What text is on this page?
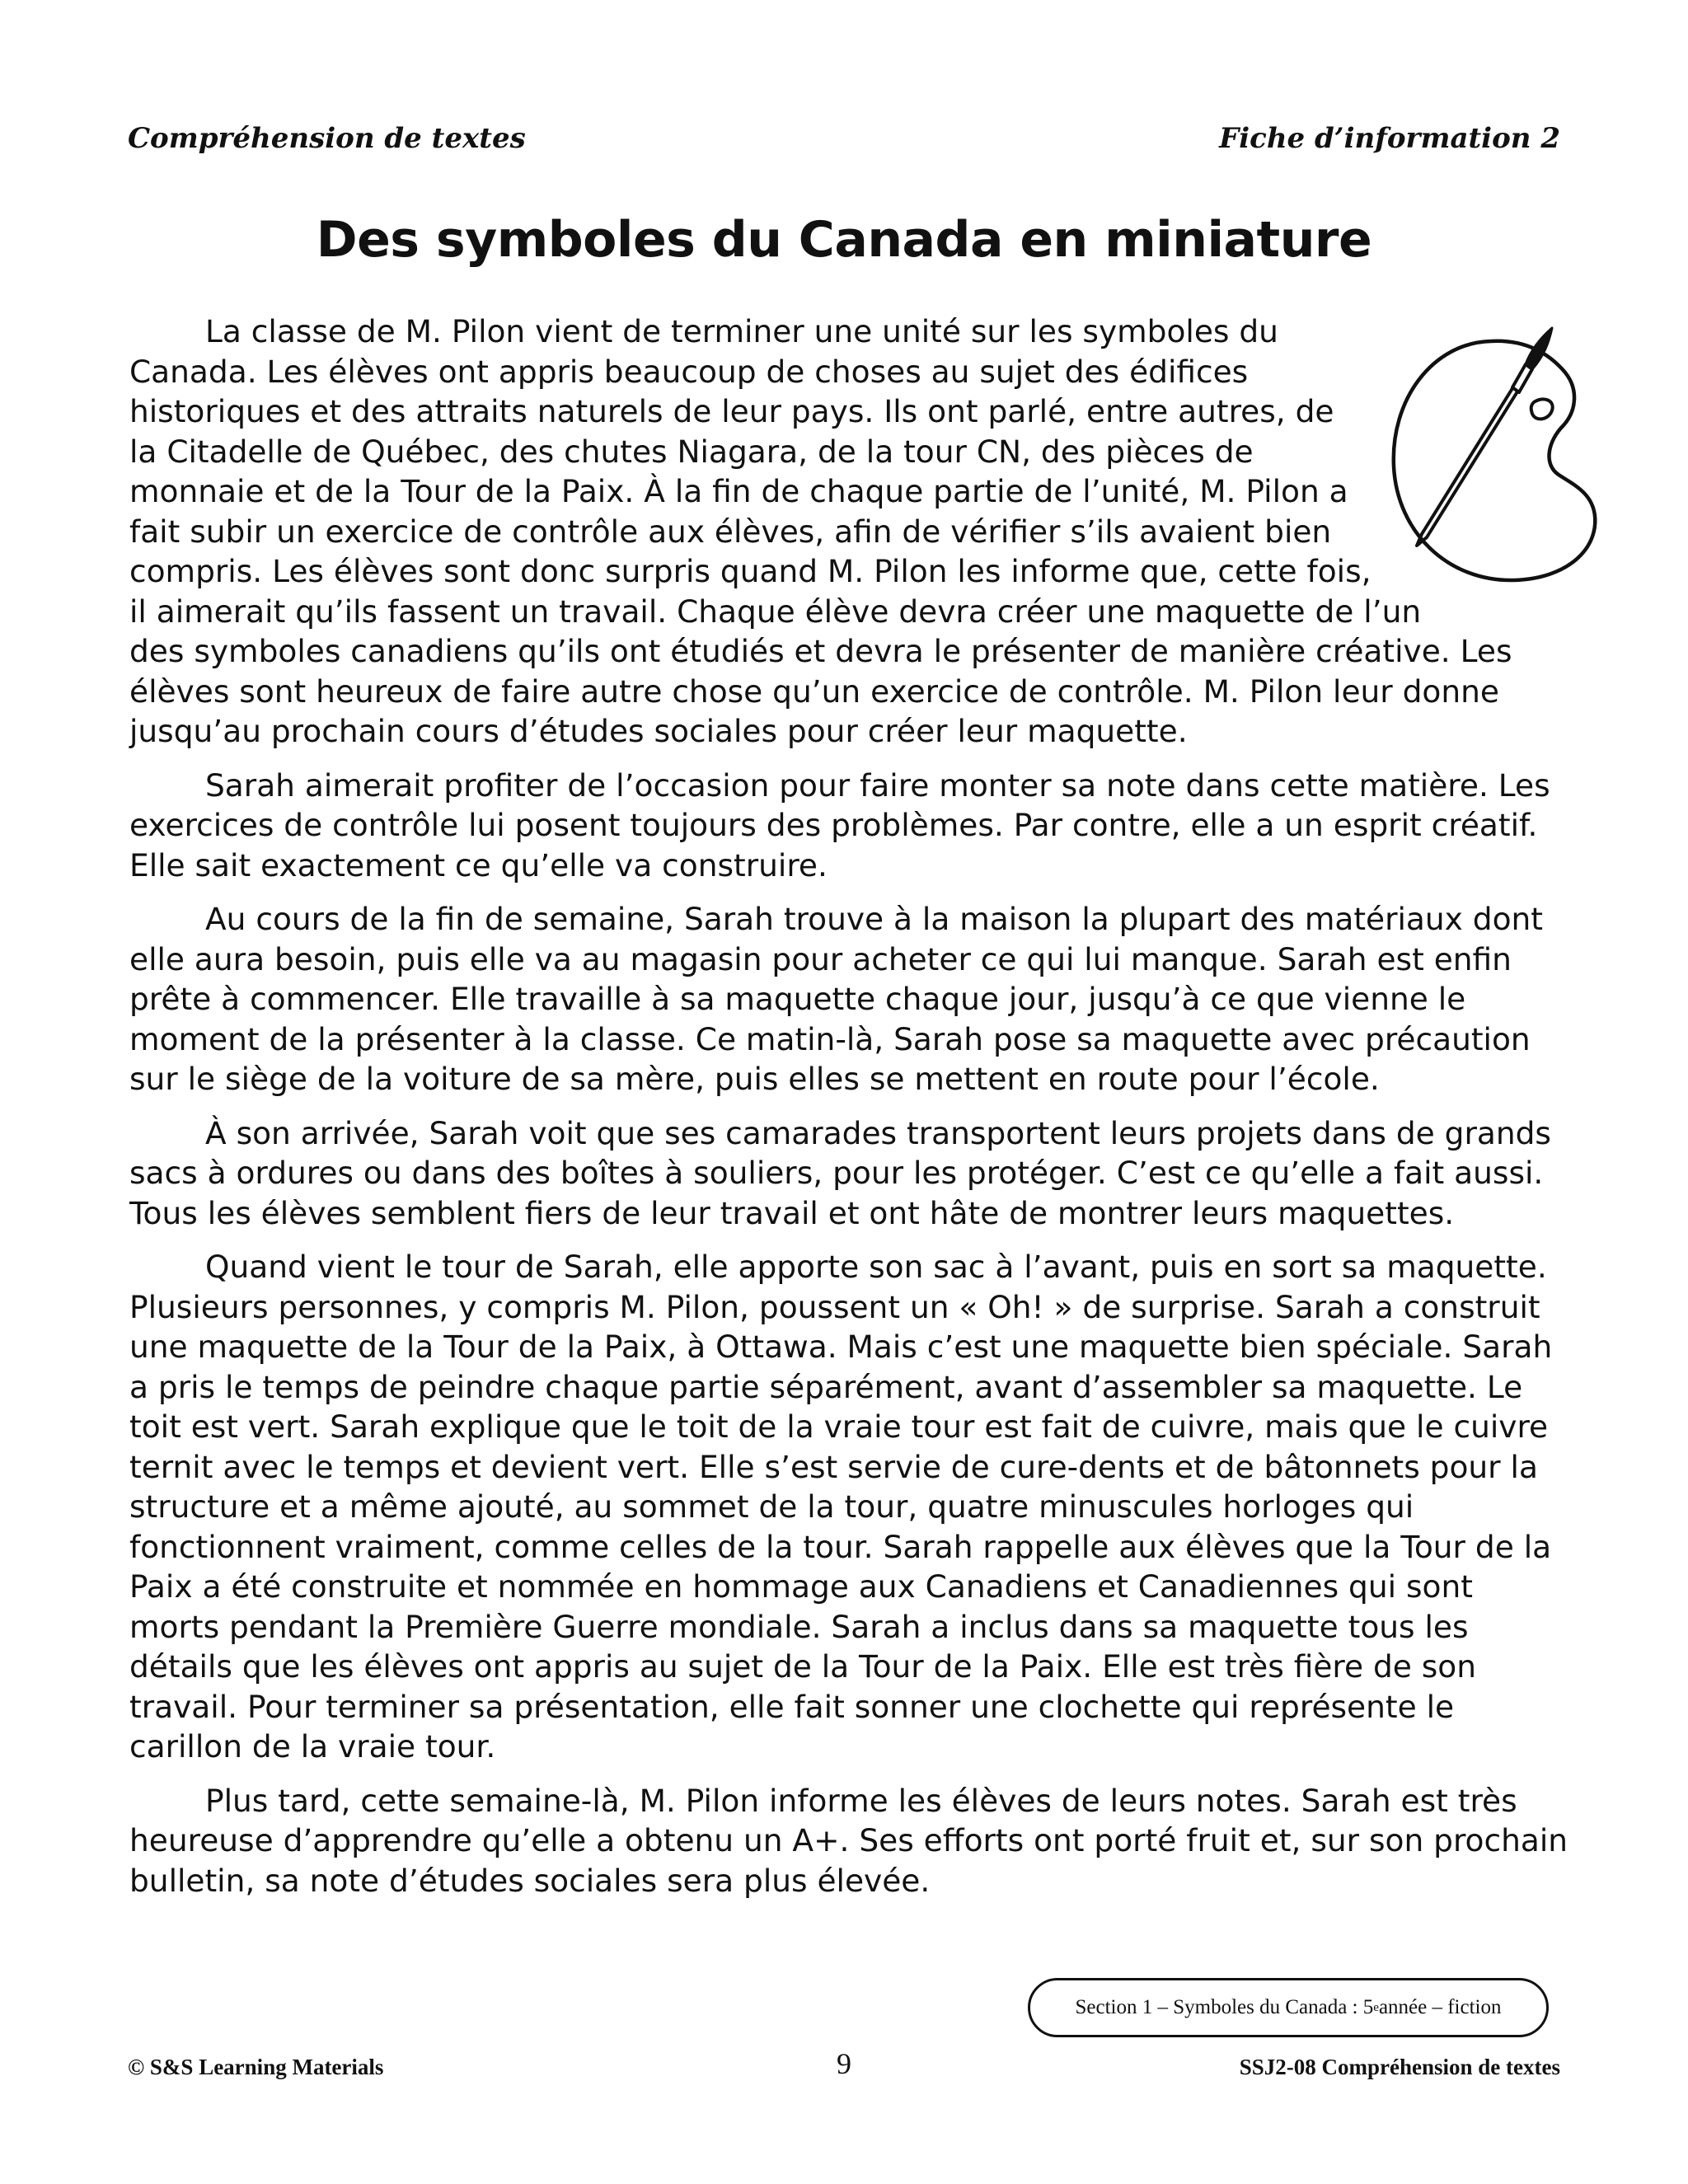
Compréhension de textes	Fiche d’information 2
Des symboles du Canada en miniature

La classe de M. Pilon vient de terminer une unité sur les symboles du Canada. Les élèves ont appris beaucoup de choses au sujet des édifices historiques et des attraits naturels de leur pays. Ils ont parlé, entre autres, de la Citadelle de Québec, des chutes Niagara, de la tour CN, des pièces de monnaie et de la Tour de la Paix. À la fin de chaque partie de l’unité, M. Pilon a fait subir un exercice de contrôle aux élèves, afin de vérifier s’ils avaient bien compris. Les élèves sont donc surpris quand M. Pilon les informe que, cette fois, il aimerait qu’ils fassent un travail. Chaque élève devra créer une maquette de l’un des symboles canadiens qu’ils ont étudiés et devra le présenter de manière créative. Les élèves sont heureux de faire autre chose qu’un exercice de contrôle. M. Pilon leur donne jusqu’au prochain cours d’études sociales pour créer leur maquette.

Sarah aimerait profiter de l’occasion pour faire monter sa note dans cette matière. Les exercices de contrôle lui posent toujours des problèmes. Par contre, elle a un esprit créatif. Elle sait exactement ce qu’elle va construire.

Au cours de la fin de semaine, Sarah trouve à la maison la plupart des matériaux dont elle aura besoin, puis elle va au magasin pour acheter ce qui lui manque. Sarah est enfin prête à commencer. Elle travaille à sa maquette chaque jour, jusqu’à ce que vienne le moment de la présenter à la classe. Ce matin-là, Sarah pose sa maquette avec précaution sur le siège de la voiture de sa mère, puis elles se mettent en route pour l’école.

À son arrivée, Sarah voit que ses camarades transportent leurs projets dans de grands sacs à ordures ou dans des boîtes à souliers, pour les protéger. C’est ce qu’elle a fait aussi. Tous les élèves semblent fiers de leur travail et ont hâte de montrer leurs maquettes.

Quand vient le tour de Sarah, elle apporte son sac à l’avant, puis en sort sa maquette. Plusieurs personnes, y compris M. Pilon, poussent un « Oh! » de surprise. Sarah a construit une maquette de la Tour de la Paix, à Ottawa. Mais c’est une maquette bien spéciale. Sarah a pris le temps de peindre chaque partie séparément, avant d’assembler sa maquette. Le toit est vert. Sarah explique que le toit de la vraie tour est fait de cuivre, mais que le cuivre ternit avec le temps et devient vert. Elle s’est servie de cure-dents et de bâtonnets pour la structure et a même ajouté, au sommet de la tour, quatre minuscules horloges qui fonctionnent vraiment, comme celles de la tour. Sarah rappelle aux élèves que la Tour de la Paix a été construite et nommée en hommage aux Canadiens et Canadiennes qui sont morts pendant la Première Guerre mondiale. Sarah a inclus dans sa maquette tous les détails que les élèves ont appris au sujet de la Tour de la Paix. Elle est très fière de son travail. Pour terminer sa présentation, elle fait sonner une clochette qui représente le carillon de la vraie tour.

Plus tard, cette semaine-là, M. Pilon informe les élèves de leurs notes. Sarah est très heureuse d’apprendre qu’elle a obtenu un A+. Ses efforts ont porté fruit et, sur son prochain bulletin, sa note d’études sociales sera plus élevée.

Section 1 – Symboles du Canada : 5 e année – fiction
© S&S Learning Materials	9	SSJ2-08 Compréhension de textes
